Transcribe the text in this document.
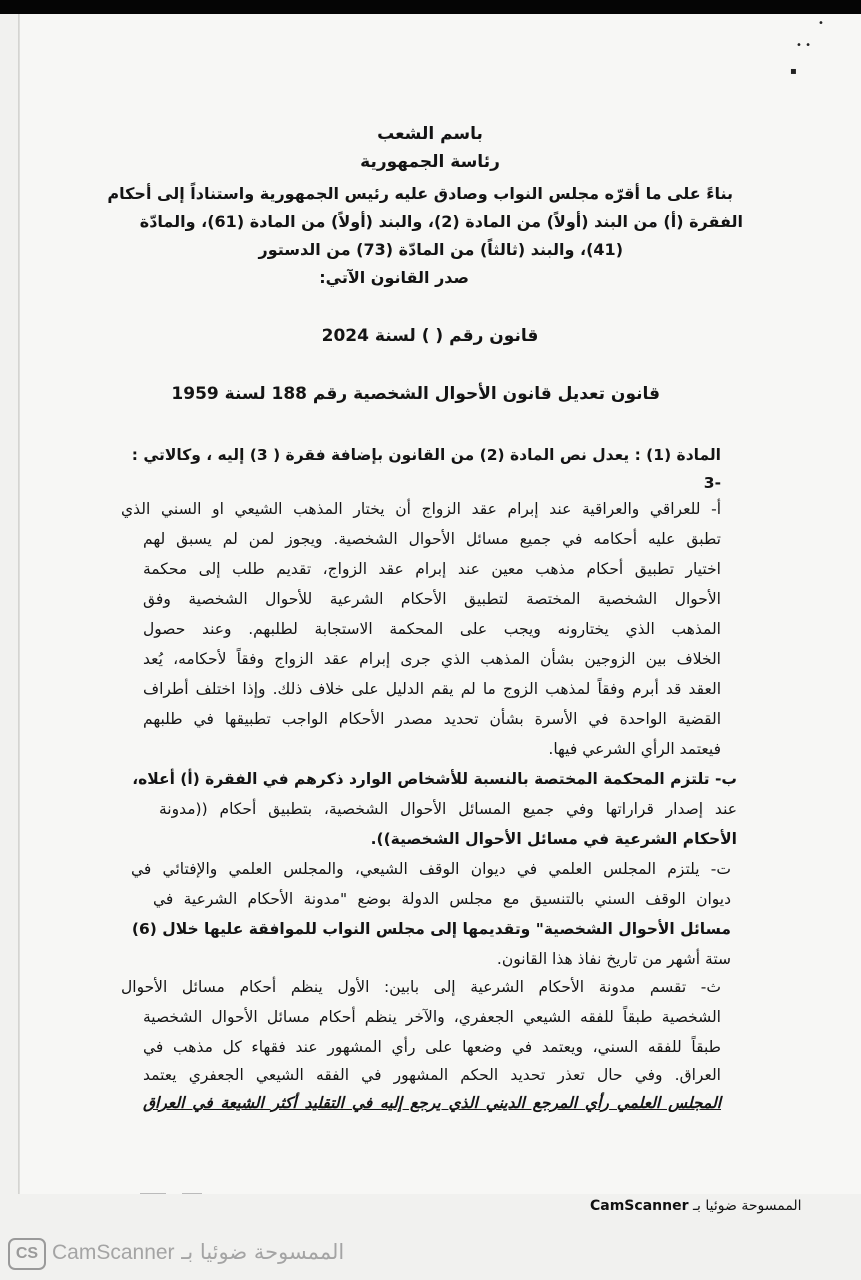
•
• •
▪
باسم الشعب
رئاسة الجمهورية
بناءً على ما أقرّه مجلس النواب وصادق عليه رئيس الجمهورية واستناداً إلى أحكام
الفقرة (أ) من البند (أولاً) من المادة (2)، والبند (أولاً) من المادة (61)، والمادّة
(41)، والبند (ثالثاً) من المادّة (73) من الدستور
صدر القانون الآتي:
قانون رقم ( ) لسنة 2024
قانون تعديل قانون الأحوال الشخصية رقم 188 لسنة 1959
المادة (1) : يعدل نص المادة (2) من القانون بإضافة فقرة ( 3) إليه ، وكالاتي :
-3
أ- للعراقي والعراقية عند إبرام عقد الزواج أن يختار المذهب الشيعي او السني الذي
تطبق عليه أحكامه في جميع مسائل الأحوال الشخصية. ويجوز لمن لم يسبق لهم
اختيار تطبيق أحكام مذهب معين عند إبرام عقد الزواج، تقديم طلب إلى محكمة
الأحوال الشخصية المختصة لتطبيق الأحكام الشرعية للأحوال الشخصية وفق
المذهب الذي يختارونه ويجب على المحكمة الاستجابة لطلبهم. وعند حصول
الخلاف بين الزوجين بشأن المذهب الذي جرى إبرام عقد الزواج وفقاً لأحكامه، يُعد
العقد قد أبرم وفقاً لمذهب الزوج ما لم يقم الدليل على خلاف ذلك. وإذا اختلف أطراف
القضية الواحدة في الأسرة بشأن تحديد مصدر الأحكام الواجب تطبيقها في طلبهم
فيعتمد الرأي الشرعي فيها.
ب- تلتزم المحكمة المختصة بالنسبة للأشخاص الوارد ذكرهم في الفقرة (أ) أعلاه،
عند إصدار قراراتها وفي جميع المسائل الأحوال الشخصية، بتطبيق أحكام ((مدونة
الأحكام الشرعية في مسائل الأحوال الشخصية)).
ت- يلتزم المجلس العلمي في ديوان الوقف الشيعي، والمجلس العلمي والإفتائي في
ديوان الوقف السني بالتنسيق مع مجلس الدولة بوضع "مدونة الأحكام الشرعية في
مسائل الأحوال الشخصية" وتقديمها إلى مجلس النواب للموافقة عليها خلال (6)
ستة أشهر من تاريخ نفاذ هذا القانون.
ث- تقسم مدونة الأحكام الشرعية إلى بابين: الأول ينظم أحكام مسائل الأحوال
الشخصية طبقاً للفقه الشيعي الجعفري، والآخر ينظم أحكام مسائل الأحوال الشخصية
طبقاً للفقه السني، ويعتمد في وضعها على رأي المشهور عند فقهاء كل مذهب في
العراق. وفي حال تعذر تحديد الحكم المشهور في الفقه الشيعي الجعفري يعتمد
المجلس العلمي رأي المرجع الديني الذي يرجع إليه في التقليد أكثر الشيعة في العراق
الممسوحة ضوئيا بـ CamScanner
CS	الممسوحة ضوئيا بـ CamScanner
